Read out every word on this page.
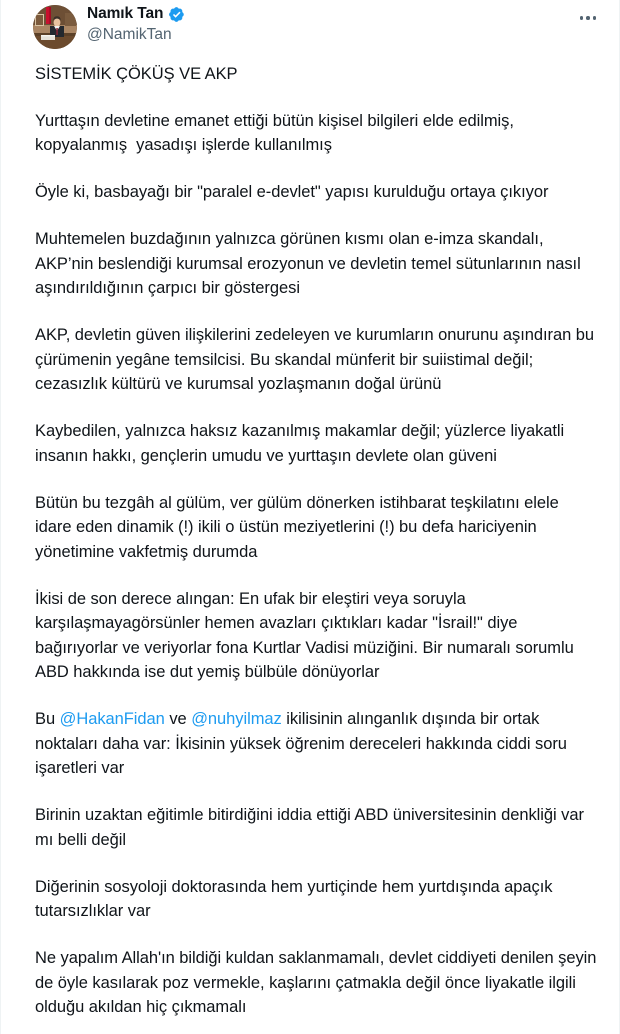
Namık Tan
@NamikTan

SİSTEMİK ÇÖKÜŞ VE AKP

Yurttaşın devletine emanet ettiği bütün kişisel bilgileri elde edilmiş, kopyalanmış  yasadışı işlerde kullanılmış

Öyle ki, basbayağı bir "paralel e-devlet" yapısı kurulduğu ortaya çıkıyor

Muhtemelen buzdağının yalnızca görünen kısmı olan e-imza skandalı, AKP’nin beslendiği kurumsal erozyonun ve devletin temel sütunlarının nasıl aşındırıldığının çarpıcı bir göstergesi

AKP, devletin güven ilişkilerini zedeleyen ve kurumların onurunu aşındıran bu çürümenin yegâne temsilcisi. Bu skandal münferit bir suiistimal değil; cezasızlık kültürü ve kurumsal yozlaşmanın doğal ürünü

Kaybedilen, yalnızca haksız kazanılmış makamlar değil; yüzlerce liyakatli insanın hakkı, gençlerin umudu ve yurttaşın devlete olan güveni

Bütün bu tezgâh al gülüm, ver gülüm dönerken istihbarat teşkilatını elele idare eden dinamik (!) ikili o üstün meziyetlerini (!) bu defa hariciyenin yönetimine vakfetmiş durumda

İkisi de son derece alıngan: En ufak bir eleştiri veya soruyla karşılaşmayagörsünler hemen avazları çıktıkları kadar "İsrail!" diye bağırıyorlar ve veriyorlar fona Kurtlar Vadisi müziğini. Bir numaralı sorumlu ABD hakkında ise dut yemiş bülbüle dönüyorlar

Bu @HakanFidan ve @nuhyilmaz ikilisinin alınganlık dışında bir ortak noktaları daha var: İkisinin yüksek öğrenim dereceleri hakkında ciddi soru işaretleri var

Birinin uzaktan eğitimle bitirdiğini iddia ettiği ABD üniversitesinin denkliği var mı belli değil

Diğerinin sosyoloji doktorasında hem yurtiçinde hem yurtdışında apaçık tutarsızlıklar var

Ne yapalım Allah'ın bildiği kuldan saklanmamalı, devlet ciddiyeti denilen şeyin de öyle kasılarak poz vermekle, kaşlarını çatmakla değil önce liyakatle ilgili olduğu akıldan hiç çıkmamalı
